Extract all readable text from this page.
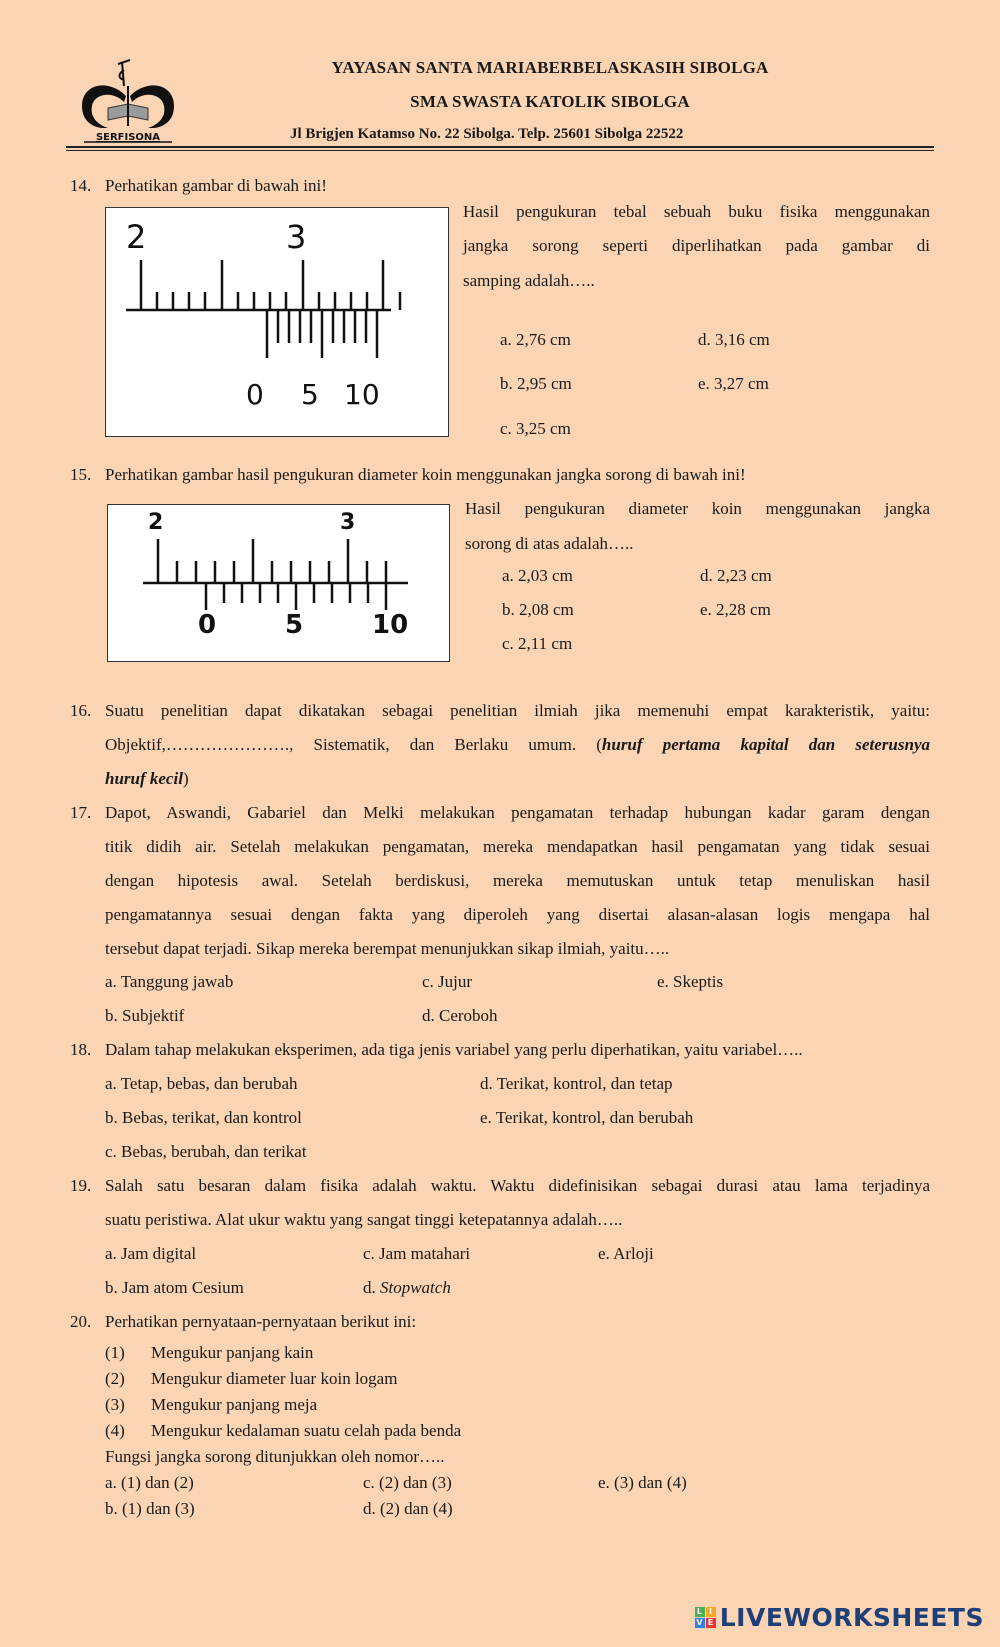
SERFISONA
YAYASAN SANTA MARIABERBELASKASIH SIBOLGA
SMA SWASTA KATOLIK SIBOLGA
Jl Brigjen Katamso No. 22 Sibolga. Telp. 25601 Sibolga 22522
14. Perhatikan gambar di bawah ini!
2	3
0 5 10
Hasil pengukuran tebal sebuah buku fisika menggunakan
jangka sorong seperti diperlihatkan pada gambar di
samping adalah…..
a. 2,76 cm
b. 2,95 cm
c. 3,25 cm
d. 3,16 cm
e. 3,27 cm
15. Perhatikan gambar hasil pengukuran diameter koin menggunakan jangka sorong di bawah ini!
2	3
0	5	10
Hasil pengukuran diameter koin menggunakan jangka
sorong di atas adalah…..
a. 2,03 cm
b. 2,08 cm
c. 2,11 cm
d. 2,23 cm
e. 2,28 cm
16. Suatu penelitian dapat dikatakan sebagai penelitian ilmiah jika memenuhi empat karakteristik, yaitu:
Objektif,…………………., Sistematik, dan Berlaku umum. (huruf pertama kapital dan seterusnya
huruf kecil)
17. Dapot, Aswandi, Gabariel dan Melki melakukan pengamatan terhadap hubungan kadar garam dengan
titik didih air. Setelah melakukan pengamatan, mereka mendapatkan hasil pengamatan yang tidak sesuai
dengan hipotesis awal. Setelah berdiskusi, mereka memutuskan untuk tetap menuliskan hasil
pengamatannya sesuai dengan fakta yang diperoleh yang disertai alasan-alasan logis mengapa hal
tersebut dapat terjadi. Sikap mereka berempat menunjukkan sikap ilmiah, yaitu…..
a. Tanggung jawab
b. Subjektif
c. Jujur
d. Ceroboh
e. Skeptis
18. Dalam tahap melakukan eksperimen, ada tiga jenis variabel yang perlu diperhatikan, yaitu variabel…..
a. Tetap, bebas, dan berubah
b. Bebas, terikat, dan kontrol
c. Bebas, berubah, dan terikat
d. Terikat, kontrol, dan tetap
e. Terikat, kontrol, dan berubah
19. Salah satu besaran dalam fisika adalah waktu. Waktu didefinisikan sebagai durasi atau lama terjadinya
suatu peristiwa. Alat ukur waktu yang sangat tinggi ketepatannya adalah…..
a. Jam digital
b. Jam atom Cesium
c. Jam matahari
d. Stopwatch
e. Arloji
20. Perhatikan pernyataan-pernyataan berikut ini:
(1) Mengukur panjang kain
(2) Mengukur diameter luar koin logam
(3) Mengukur panjang meja
(4) Mengukur kedalaman suatu celah pada benda
Fungsi jangka sorong ditunjukkan oleh nomor…..
a. (1) dan (2)
b. (1) dan (3)
c. (2) dan (3)
d. (2) dan (4)
e. (3) dan (4)
L I
V E LIVEWORKSHEETS
